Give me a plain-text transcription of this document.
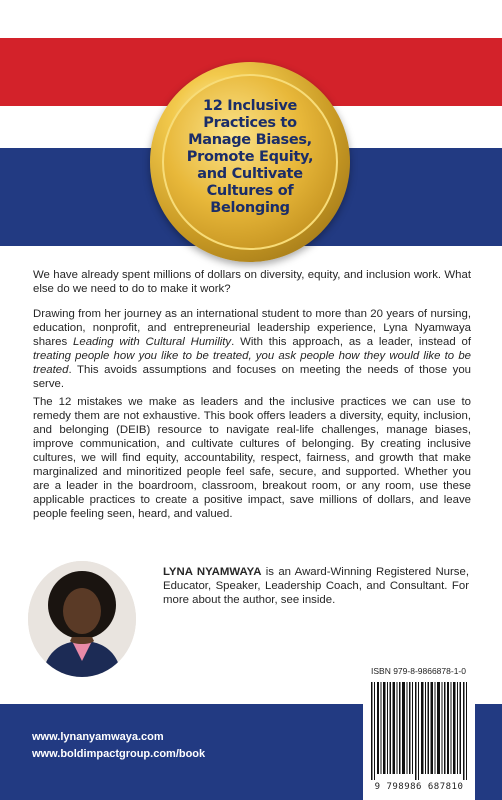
12 Inclusive
Practices to
Manage Biases,
Promote Equity,
and Cultivate
Cultures of
Belonging

We have already spent millions of dollars on diversity, equity, and inclusion work. What else do we need to do to make it work?

Drawing from her journey as an international student to more than 20 years of nursing, education, nonprofit, and entrepreneurial leadership experience, Lyna Nyamwaya shares Leading with Cultural Humility. With this approach, as a leader, instead of treating people how you like to be treated, you ask people how they would like to be treated. This avoids assumptions and focuses on meeting the needs of those you serve.

The 12 mistakes we make as leaders and the inclusive practices we can use to remedy them are not exhaustive. This book offers leaders a diversity, equity, inclusion, and belonging (DEIB) resource to navigate real-life challenges, manage biases, improve communication, and cultivate cultures of belonging. By creating inclusive cultures, we will find equity, accountability, respect, fairness, and growth that make marginalized and minoritized people feel safe, secure, and supported. Whether you are a leader in the boardroom, classroom, breakout room, or any room, use these applicable practices to create a positive impact, save millions of dollars, and leave people feeling seen, heard, and valued.

LYNA NYAMWAYA is an Award-Winning Registered Nurse, Educator, Speaker, Leadership Coach, and Consultant. For more about the author, see inside.
www.lynanyamwaya.com
www.boldimpactgroup.com/book
ISBN 979-8-9866878-1-0
9 798986 687810
